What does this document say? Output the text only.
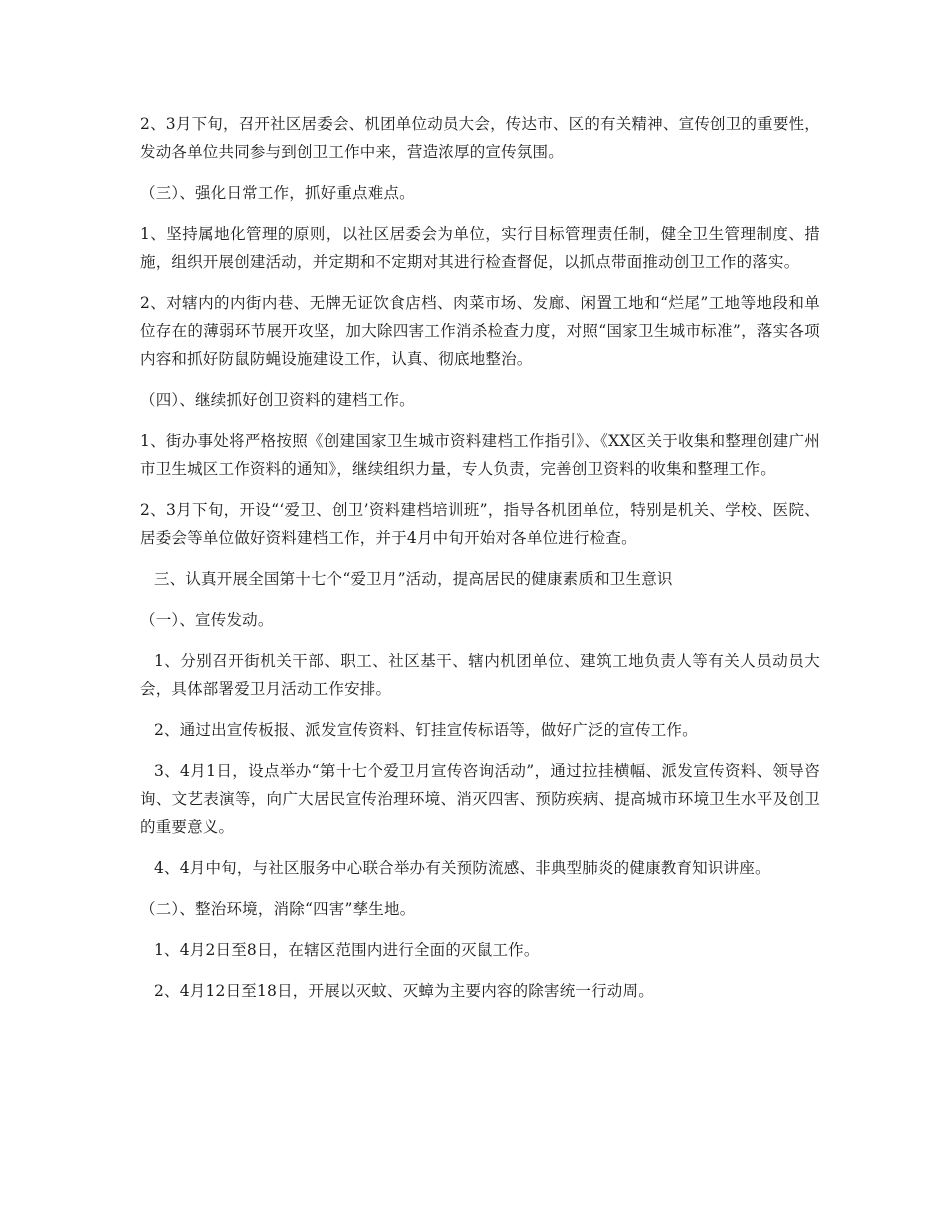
2、3月下旬，召开社区居委会、机团单位动员大会，传达市、区的有关精神、宣传创卫的重要性，发动各单位共同参与到创卫工作中来，营造浓厚的宣传氛围。

（三）、强化日常工作，抓好重点难点。

1、坚持属地化管理的原则，以社区居委会为单位，实行目标管理责任制，健全卫生管理制度、措施，组织开展创建活动，并定期和不定期对其进行检查督促，以抓点带面推动创卫工作的落实。

2、对辖内的内街内巷、无牌无证饮食店档、肉菜市场、发廊、闲置工地和“烂尾”工地等地段和单位存在的薄弱环节展开攻坚，加大除四害工作消杀检查力度，对照“国家卫生城市标准”，落实各项内容和抓好防鼠防蝇设施建设工作，认真、彻底地整治。

（四）、继续抓好创卫资料的建档工作。

1、街办事处将严格按照《创建国家卫生城市资料建档工作指引》、《XX区关于收集和整理创建广州市卫生城区工作资料的通知》，继续组织力量，专人负责，完善创卫资料的收集和整理工作。

2、3月下旬，开设“‘爱卫、创卫’资料建档培训班”，指导各机团单位，特别是机关、学校、医院、居委会等单位做好资料建档工作，并于4月中旬开始对各单位进行检查。

三、认真开展全国第十七个“爱卫月”活动，提高居民的健康素质和卫生意识

（一）、宣传发动。

1、分别召开街机关干部、职工、社区基干、辖内机团单位、建筑工地负责人等有关人员动员大会，具体部署爱卫月活动工作安排。

2、通过出宣传板报、派发宣传资料、钉挂宣传标语等，做好广泛的宣传工作。

3、4月1日，设点举办“第十七个爱卫月宣传咨询活动”，通过拉挂横幅、派发宣传资料、领导咨询、文艺表演等，向广大居民宣传治理环境、消灭四害、预防疾病、提高城市环境卫生水平及创卫的重要意义。

4、4月中旬，与社区服务中心联合举办有关预防流感、非典型肺炎的健康教育知识讲座。

（二）、整治环境，消除“四害”孳生地。

1、4月2日至8日，在辖区范围内进行全面的灭鼠工作。

2、4月12日至18日，开展以灭蚊、灭蟑为主要内容的除害统一行动周。
